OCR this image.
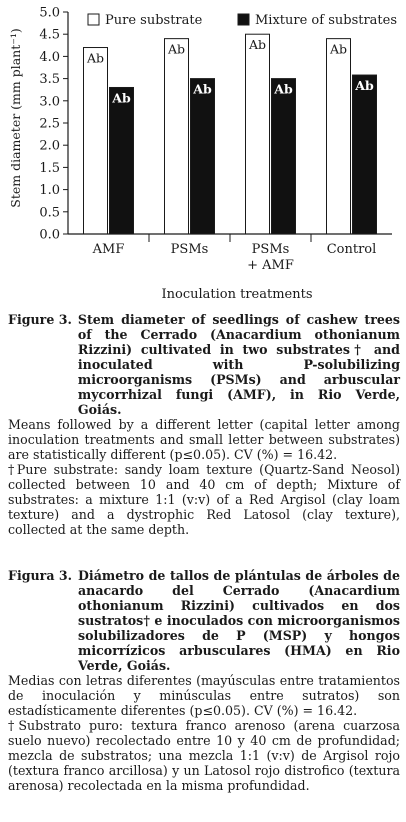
0.0
0.5
1.0
1.5
2.0
2.5
3.0
3.5
4.0
4.5
5.0
Ab
Ab
Ab
Ab
Ab
Ab
Ab
Ab
AMF	PSMs	PSMs
+ AMF
Control
Pure substrate	Mixture of substrates
Stem diameter (mm plant⁻¹)
Inoculation treatments
Figure 3. Stem diameter of seedlings of cashew trees of the Cerrado (Anacardium othonianum Rizzini) cultivated in two substrates† and inoculated with P-solubilizing microorganisms (PSMs) and arbuscular mycorrhizal fungi (AMF), in Rio Verde, Goiás.

Means followed by a different letter (capital letter among inoculation treatments and small letter between substrates) are statistically different (p≤0.05). CV (%) = 16.42.

†Pure substrate: sandy loam texture (Quartz-Sand Neosol) collected between 10 and 40 cm of depth; Mixture of substrates: a mixture 1:1 (v:v) of a Red Argisol (clay loam texture) and a dystrophic Red Latosol (clay texture), collected at the same depth.

Figura 3. Diámetro de tallos de plántulas de árboles de anacardo del Cerrado (Anacardium othonianum Rizzini) cultivados en dos sustratos† e inoculados con microorganismos solubilizadores de P (MSP) y hongos micorrízicos arbusculares (HMA) en Rio Verde, Goiás.

Medias con letras diferentes (mayúsculas entre tratamientos de inoculación y minúsculas entre sutratos) son estadísticamente diferentes (p≤0.05). CV (%) = 16.42.

†Substrato puro: textura franco arenoso (arena cuarzosa suelo nuevo) recolectado entre 10 y 40 cm de profundidad; mezcla de substratos; una mezcla 1:1 (v:v) de Argisol rojo (textura franco arcillosa) y un Latosol rojo distrofico (textura arenosa) recolectada en la misma profundidad.
